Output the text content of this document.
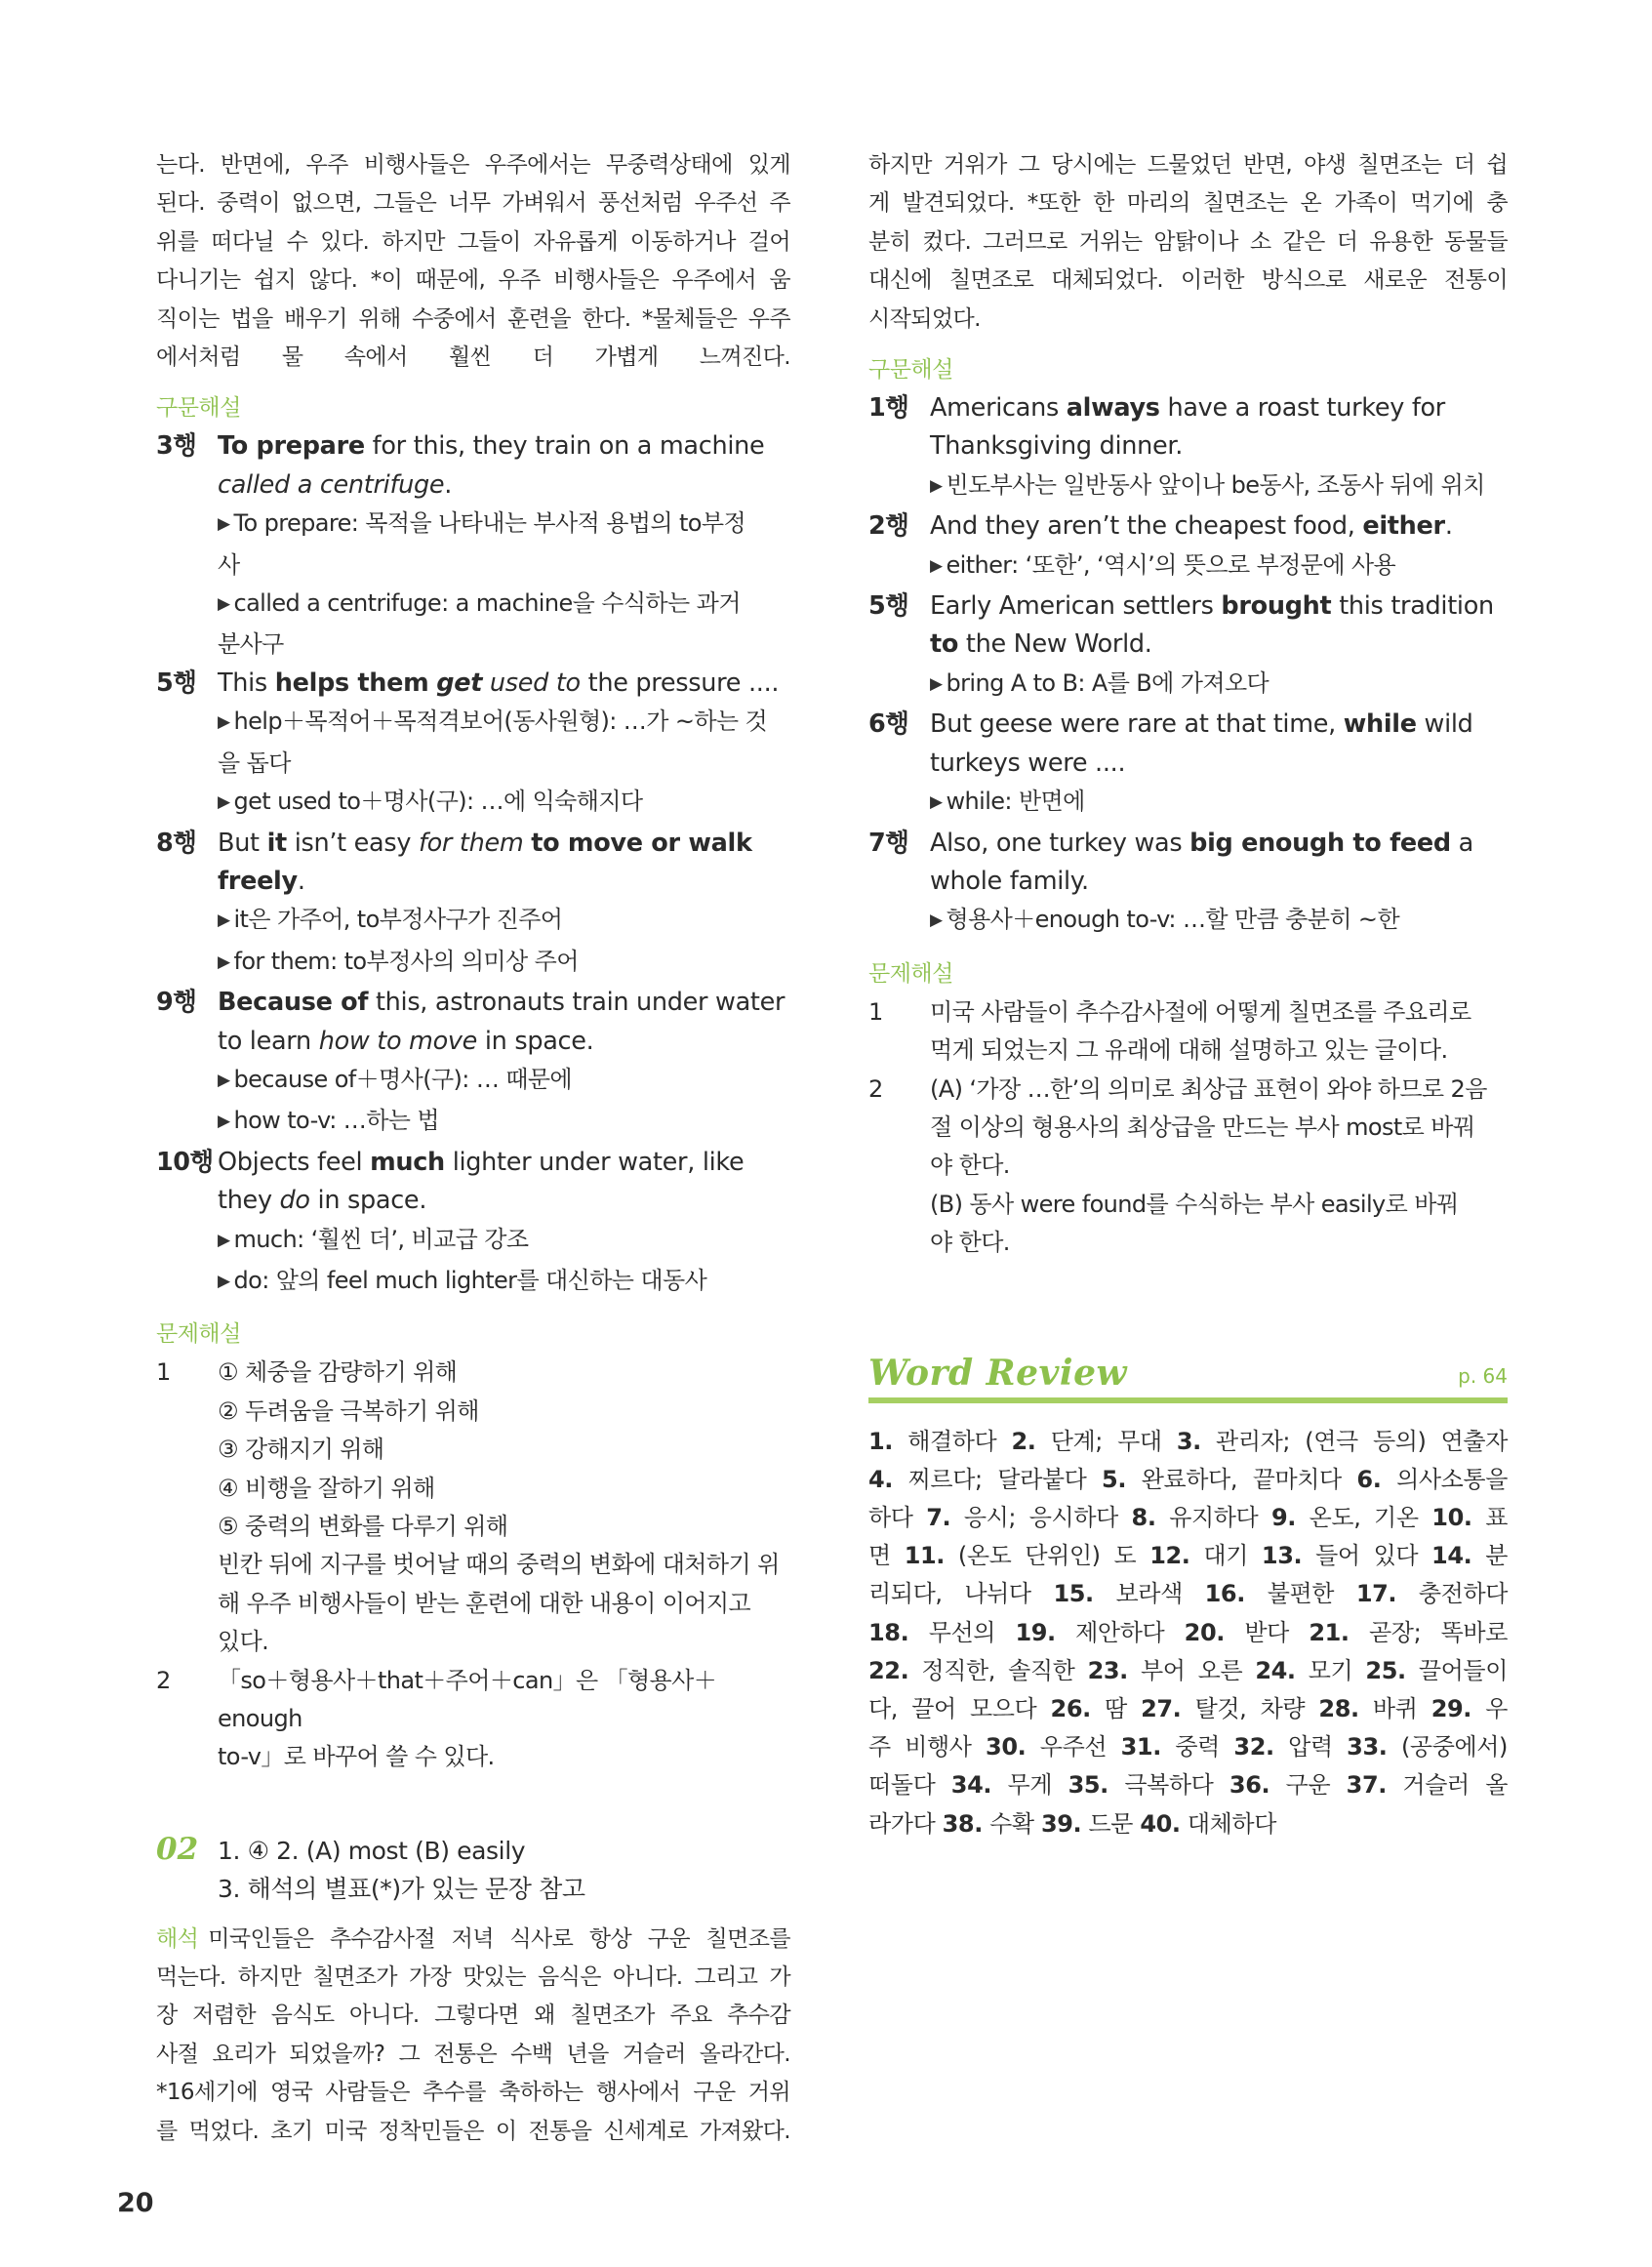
는다. 반면에, 우주 비행사들은 우주에서는 무중력상태에 있게

된다. 중력이 없으면, 그들은 너무 가벼워서 풍선처럼 우주선 주

위를 떠다닐 수 있다. 하지만 그들이 자유롭게 이동하거나 걸어

다니기는 쉽지 않다. *이 때문에, 우주 비행사들은 우주에서 움

직이는 법을 배우기 위해 수중에서 훈련을 한다. *물체들은 우주

에서처럼 물 속에서 훨씬 더 가볍게 느껴진다.

구문해설
3행 To prepare for this, they train on a machine

called a centrifuge.

▶ To prepare: 목적을 나타내는 부사적 용법의 to부정

사

▶ called a centrifuge: a machine을 수식하는 과거

분사구

5행 This helps them get used to the pressure ....

▶ help＋목적어＋목적격보어(동사원형): …가 ~하는 것

을 돕다

▶ get used to＋명사(구): …에 익숙해지다

8행 But it isn’t easy for them to move or walk

freely.

▶ it은 가주어, to부정사구가 진주어

▶ for them: to부정사의 의미상 주어

9행 Because of this, astronauts train under water

to learn how to move in space.

▶ because of＋명사(구): … 때문에

▶ how to-v: …하는 법

10행 Objects feel much lighter under water, like

they do in space.

▶ much: ‘훨씬 더’, 비교급 강조

▶ do: 앞의 feel much lighter를 대신하는 대동사

문제해설
1	① 체중을 감량하기 위해

② 두려움을 극복하기 위해

③ 강해지기 위해

④ 비행을 잘하기 위해

⑤ 중력의 변화를 다루기 위해

빈칸 뒤에 지구를 벗어날 때의 중력의 변화에 대처하기 위

해 우주 비행사들이 받는 훈련에 대한 내용이 이어지고

있다.

2	「so＋형용사＋that＋주어＋can」은 「형용사＋enough

to-v」로 바꾸어 쓸 수 있다.

02 1. ④ 2. (A) most (B) easily

3. 해석의 별표(*)가 있는 문장 참고

해석 미국인들은 추수감사절 저녁 식사로 항상 구운 칠면조를

먹는다. 하지만 칠면조가 가장 맛있는 음식은 아니다. 그리고 가

장 저렴한 음식도 아니다. 그렇다면 왜 칠면조가 주요 추수감

사절 요리가 되었을까? 그 전통은 수백 년을 거슬러 올라간다.

*16세기에 영국 사람들은 추수를 축하하는 행사에서 구운 거위

를 먹었다. 초기 미국 정착민들은 이 전통을 신세계로 가져왔다.

하지만 거위가 그 당시에는 드물었던 반면, 야생 칠면조는 더 쉽

게 발견되었다. *또한 한 마리의 칠면조는 온 가족이 먹기에 충

분히 컸다. 그러므로 거위는 암탉이나 소 같은 더 유용한 동물들

대신에 칠면조로 대체되었다. 이러한 방식으로 새로운 전통이

시작되었다.

구문해설
1행 Americans always have a roast turkey for

Thanksgiving dinner.

▶ 빈도부사는 일반동사 앞이나 be동사, 조동사 뒤에 위치

2행 And they aren’t the cheapest food, either.

▶ either: ‘또한’, ‘역시’의 뜻으로 부정문에 사용

5행 Early American settlers brought this tradition

to the New World.

▶ bring A to B: A를 B에 가져오다

6행 But geese were rare at that time, while wild

turkeys were ....

▶ while: 반면에

7행 Also, one turkey was big enough to feed a

whole family.

▶ 형용사＋enough to-v: …할 만큼 충분히 ~한

문제해설
1	미국 사람들이 추수감사절에 어떻게 칠면조를 주요리로

먹게 되었는지 그 유래에 대해 설명하고 있는 글이다.

2	(A) ‘가장 …한’의 의미로 최상급 표현이 와야 하므로 2음

절 이상의 형용사의 최상급을 만드는 부사 most로 바꿔

야 한다.

(B) 동사 were found를 수식하는 부사 easily로 바꿔

야 한다.

Word Review	p. 64
1. 해결하다 2. 단계; 무대 3. 관리자; (연극 등의) 연출자
4. 찌르다; 달라붙다 5. 완료하다, 끝마치다 6. 의사소통을
하다 7. 응시; 응시하다 8. 유지하다 9. 온도, 기온 10. 표
면 11. (온도 단위인) 도 12. 대기 13. 들어 있다 14. 분
리되다, 나뉘다 15. 보라색 16. 불편한 17. 충전하다
18. 무선의 19. 제안하다 20. 받다 21. 곧장; 똑바로
22. 정직한, 솔직한 23. 부어 오른 24. 모기 25. 끌어들이
다, 끌어 모으다 26. 땀 27. 탈것, 차량 28. 바퀴 29. 우
주 비행사 30. 우주선 31. 중력 32. 압력 33. (공중에서)
떠돌다 34. 무게 35. 극복하다 36. 구운 37. 거슬러 올
라가다 38. 수확 39. 드문 40. 대체하다
20
